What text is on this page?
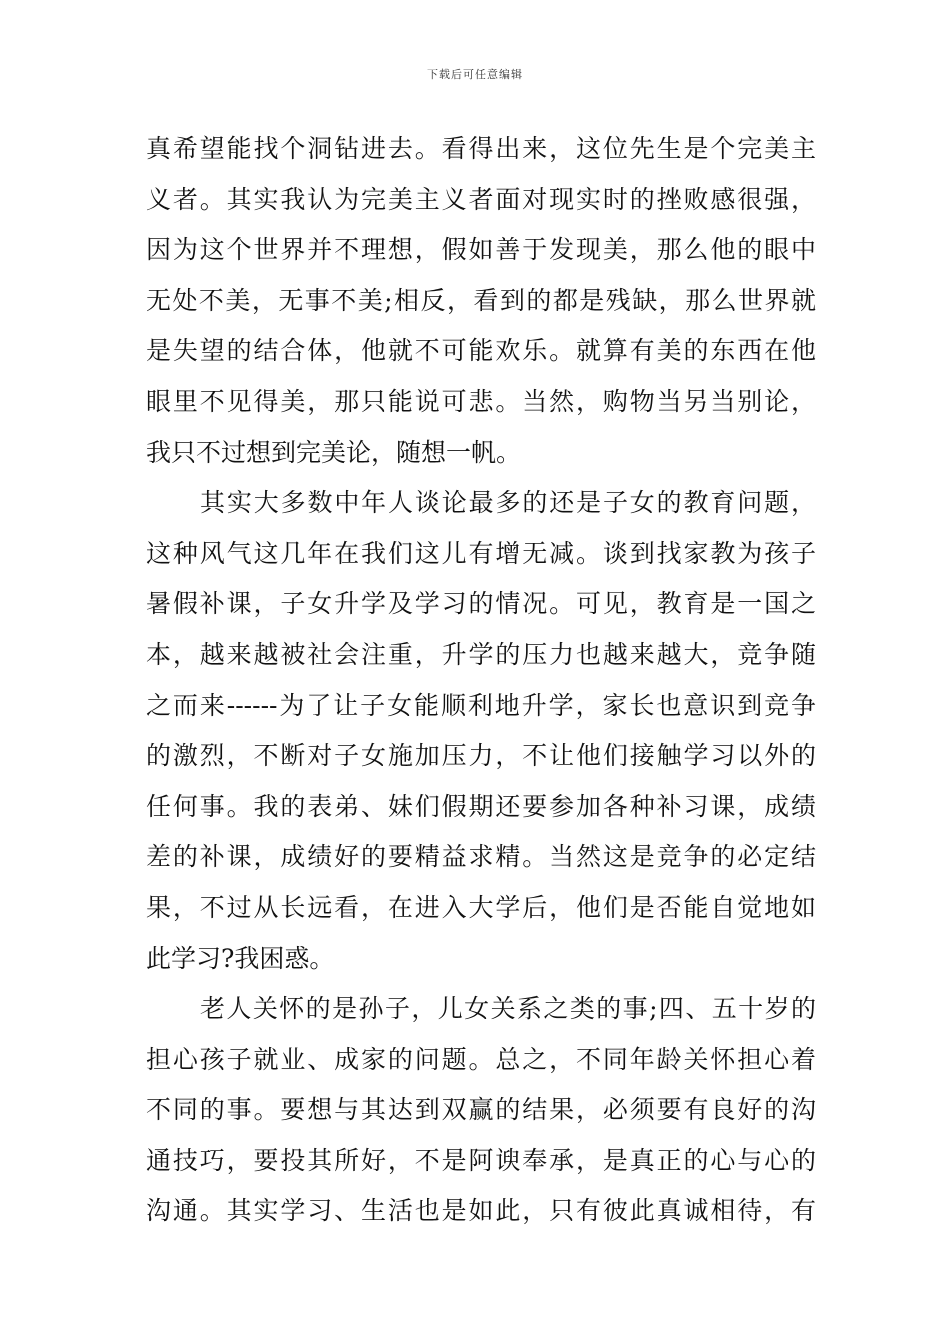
下载后可任意编辑
真希望能找个洞钻进去。看得出来，这位先生是个完美主
义者。其实我认为完美主义者面对现实时的挫败感很强，
因为这个世界并不理想，假如善于发现美，那么他的眼中
无处不美，无事不美;相反，看到的都是残缺，那么世界就
是失望的结合体，他就不可能欢乐。就算有美的东西在他
眼里不见得美，那只能说可悲。当然，购物当另当别论，
我只不过想到完美论，随想一帆。
其实大多数中年人谈论最多的还是子女的教育问题，
这种风气这几年在我们这儿有增无减。谈到找家教为孩子
暑假补课，子女升学及学习的情况。可见，教育是一国之
本，越来越被社会注重，升学的压力也越来越大，竞争随
之而来------为了让子女能顺利地升学，家长也意识到竞争
的激烈，不断对子女施加压力，不让他们接触学习以外的
任何事。我的表弟、妹们假期还要参加各种补习课，成绩
差的补课，成绩好的要精益求精。当然这是竞争的必定结
果，不过从长远看，在进入大学后，他们是否能自觉地如
此学习?我困惑。
老人关怀的是孙子，儿女关系之类的事;四、五十岁的
担心孩子就业、成家的问题。总之，不同年龄关怀担心着
不同的事。要想与其达到双赢的结果，必须要有良好的沟
通技巧，要投其所好，不是阿谀奉承，是真正的心与心的
沟通。其实学习、生活也是如此，只有彼此真诚相待，有
